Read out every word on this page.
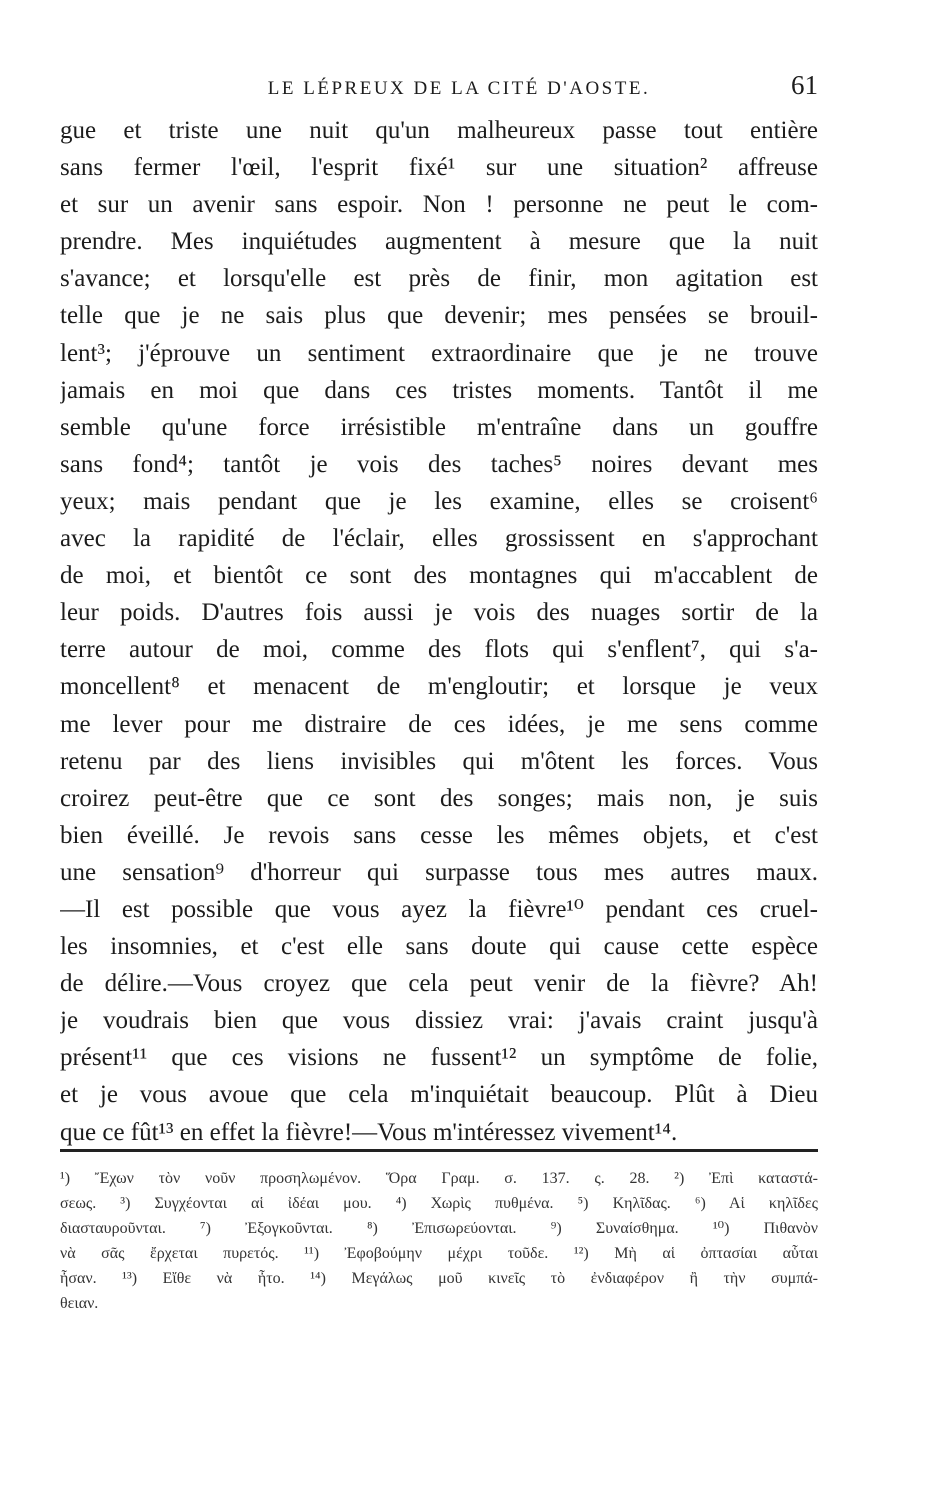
LE LÉPREUX DE LA CITÉ D'AOSTE.	61
gue et triste une nuit qu'un malheureux passe tout entière
sans fermer l'œil, l'esprit fixé¹ sur une situation² affreuse
et sur un avenir sans espoir. Non ! personne ne peut le com-
prendre. Mes inquiétudes augmentent à mesure que la nuit
s'avance; et lorsqu'elle est près de finir, mon agitation est
telle que je ne sais plus que devenir; mes pensées se brouil-
lent³; j'éprouve un sentiment extraordinaire que je ne trouve
jamais en moi que dans ces tristes moments. Tantôt il me
semble qu'une force irrésistible m'entraîne dans un gouffre
sans fond⁴; tantôt je vois des taches⁵ noires devant mes
yeux; mais pendant que je les examine, elles se croisent⁶
avec la rapidité de l'éclair, elles grossissent en s'approchant
de moi, et bientôt ce sont des montagnes qui m'accablent de
leur poids. D'autres fois aussi je vois des nuages sortir de la
terre autour de moi, comme des flots qui s'enflent⁷, qui s'a-
moncellent⁸ et menacent de m'engloutir; et lorsque je veux
me lever pour me distraire de ces idées, je me sens comme
retenu par des liens invisibles qui m'ôtent les forces. Vous
croirez peut-être que ce sont des songes; mais non, je suis
bien éveillé. Je revois sans cesse les mêmes objets, et c'est
une sensation⁹ d'horreur qui surpasse tous mes autres maux.
—Il est possible que vous ayez la fièvre¹⁰ pendant ces cruel-
les insomnies, et c'est elle sans doute qui cause cette espèce
de délire.—Vous croyez que cela peut venir de la fièvre? Ah!
je voudrais bien que vous dissiez vrai: j'avais craint jusqu'à
présent¹¹ que ces visions ne fussent¹² un symptôme de folie,
et je vous avoue que cela m'inquiétait beaucoup. Plût à Dieu
que ce fût¹³ en effet la fièvre!—Vous m'intéressez vivement¹⁴.
¹) Ἔχων τὸν νοῦν προσηλωμένον. Ὅρα Γραμ. σ. 137. ς. 28. ²) Ἐπὶ καταστά-
σεως. ³) Συγχέονται αἱ ἰδέαι μου. ⁴) Χωρὶς πυθμένα. ⁵) Κηλῖδας. ⁶) Αἱ κηλῖδες
διασταυροῦνται. ⁷) Ἐξογκοῦνται. ⁸) Ἐπισωρεύονται. ⁹) Συναίσθημα. ¹⁰) Πιθανὸν
νὰ σᾶς ἔρχεται πυρετός. ¹¹) Ἐφοβούμην μέχρι τοῦδε. ¹²) Μὴ αἱ ὀπτασίαι αὗται
ἦσαν. ¹³) Εἴθε νὰ ἦτο. ¹⁴) Μεγάλως μοῦ κινεῖς τὸ ἐνδιαφέρον ἢ τὴν συμπά-
θειαν.
